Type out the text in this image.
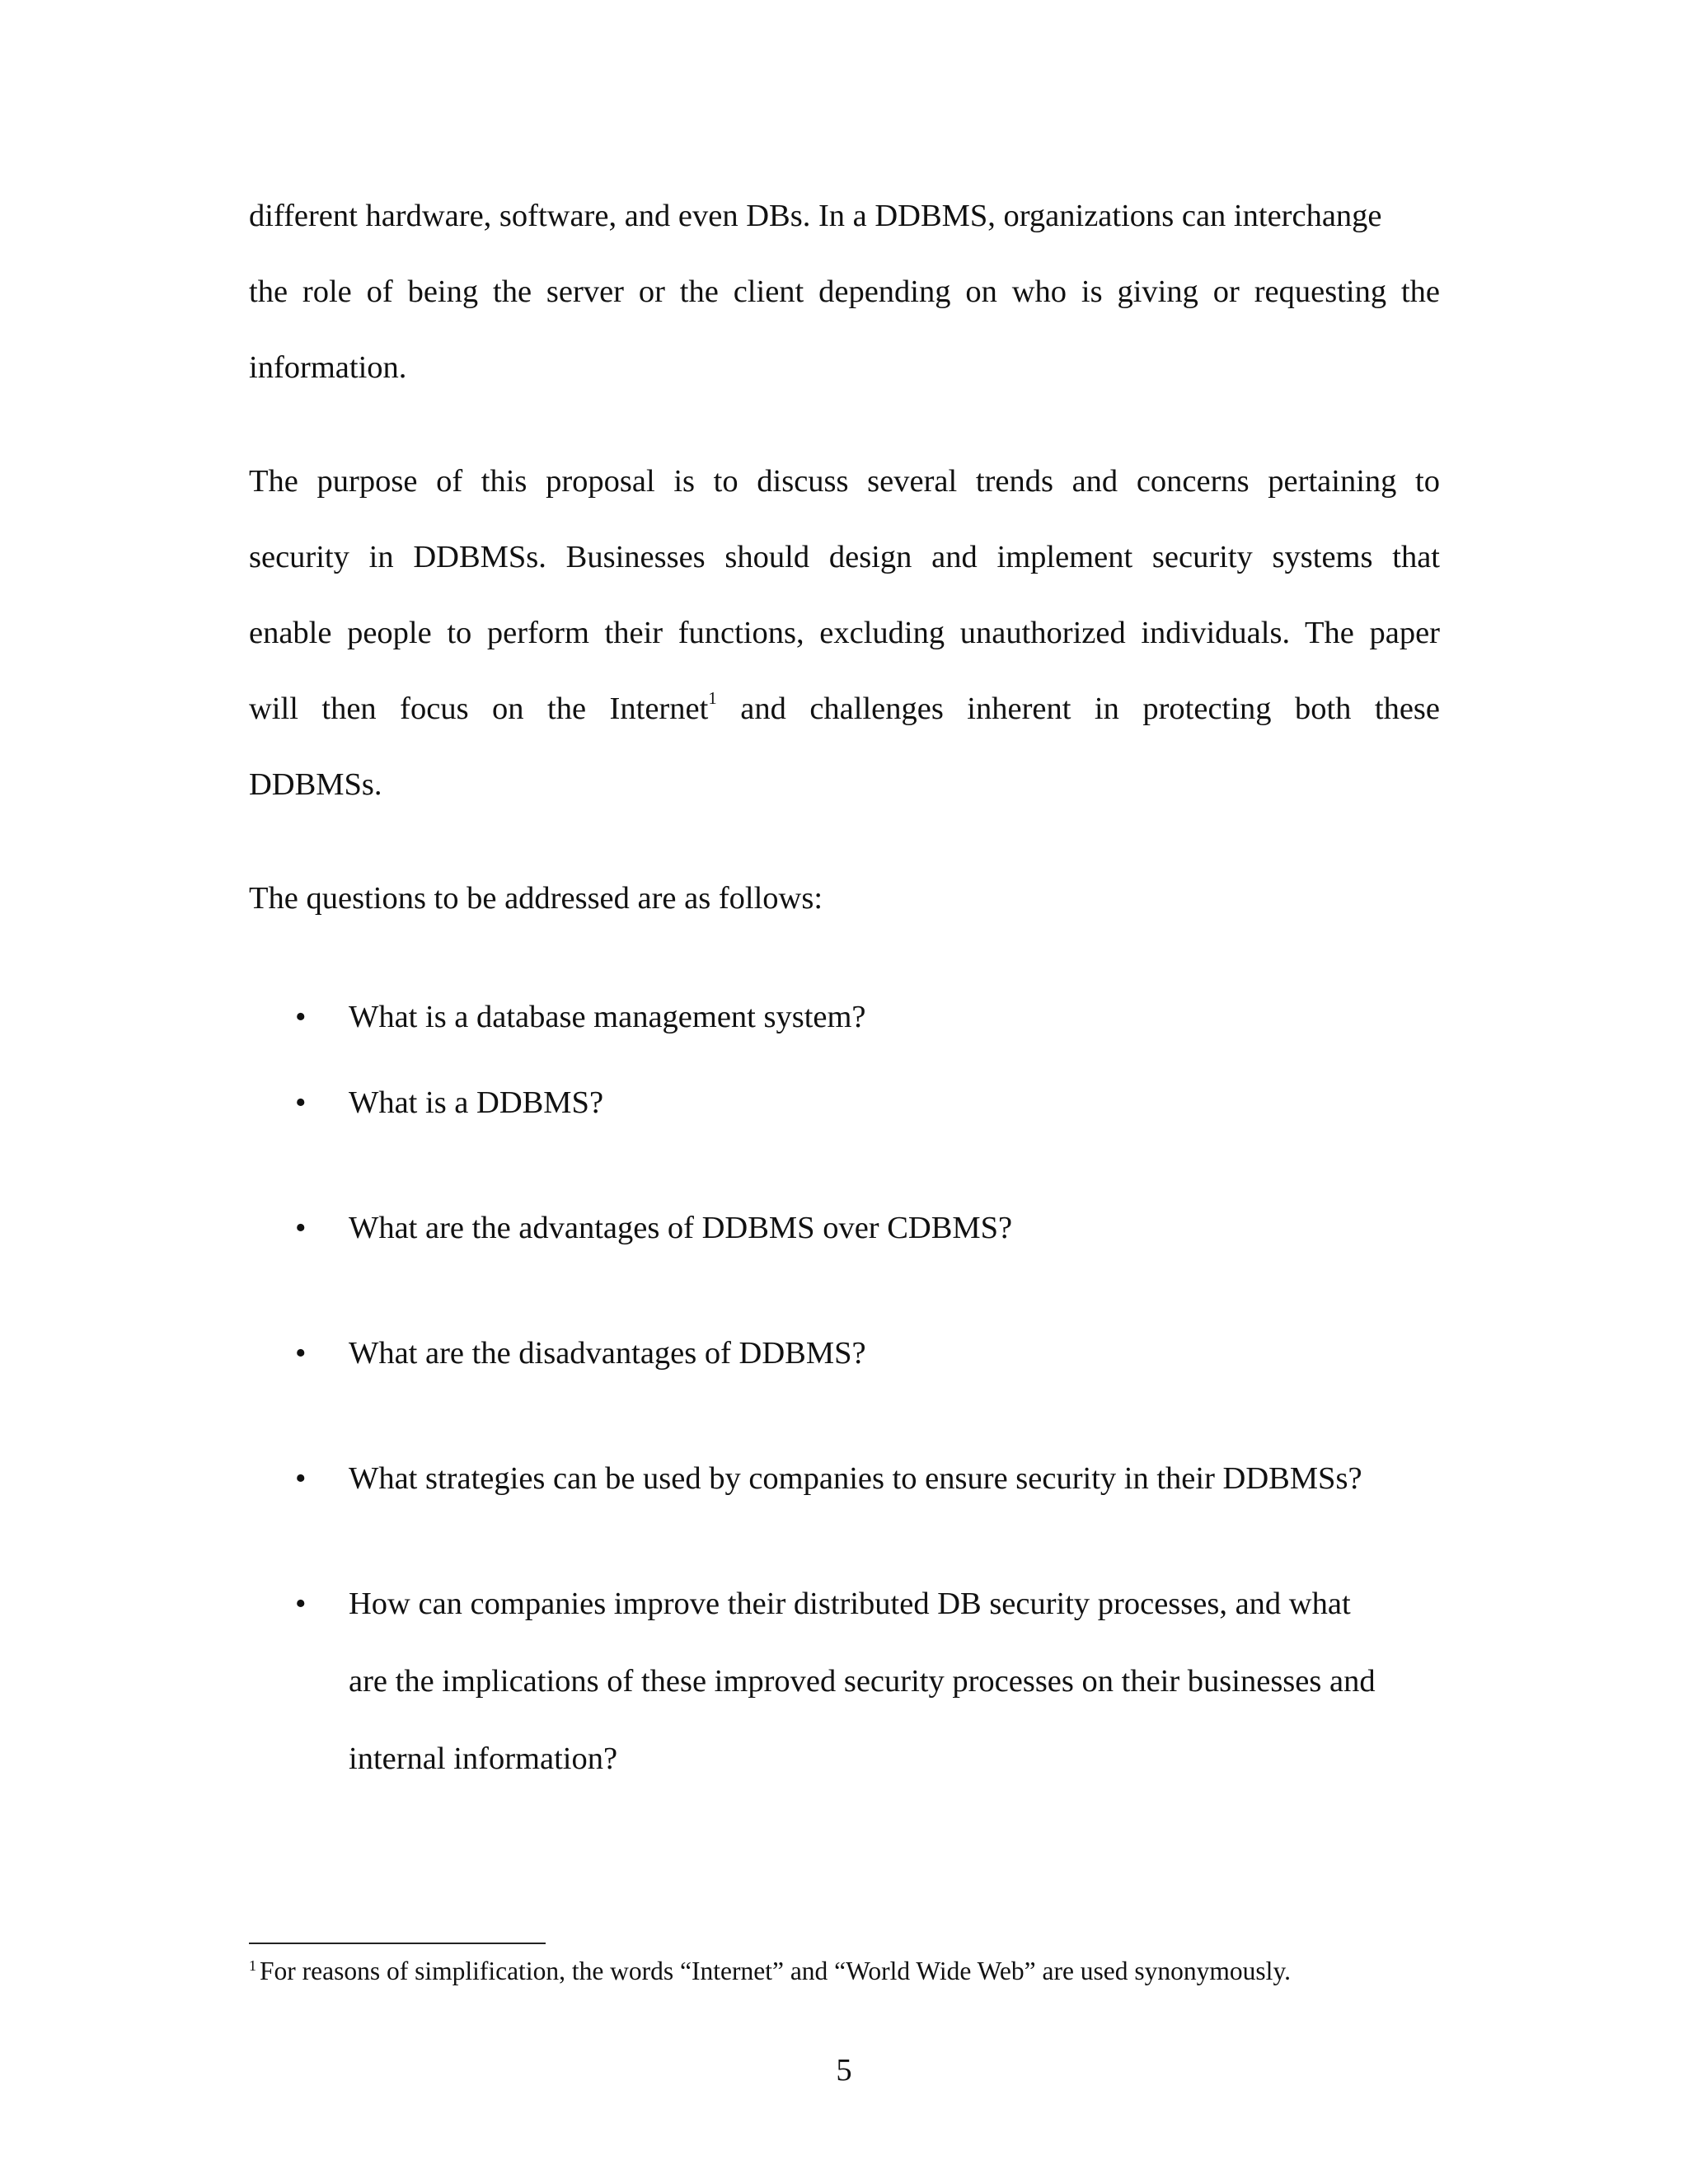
different hardware, software, and even DBs. In a DDBMS, organizations can interchange
the role of being the server or the client depending on who is giving or requesting the
information.
The purpose of this proposal is to discuss several trends and concerns pertaining to
security in DDBMSs. Businesses should design and implement security systems that
enable people to perform their functions, excluding unauthorized individuals. The paper
will then focus on the Internet$^1$ and challenges inherent in protecting both these
DDBMSs.
The questions to be addressed are as follows:
• What is a database management system?
• What is a DDBMS?
• What are the advantages of DDBMS over CDBMS?
• What are the disadvantages of DDBMS?
• What strategies can be used by companies to ensure security in their DDBMSs?
• How can companies improve their distributed DB security processes, and what
are the implications of these improved security processes on their businesses and
internal information?
$^1$ For reasons of simplification, the words “Internet” and “World Wide Web” are used synonymously.
5
